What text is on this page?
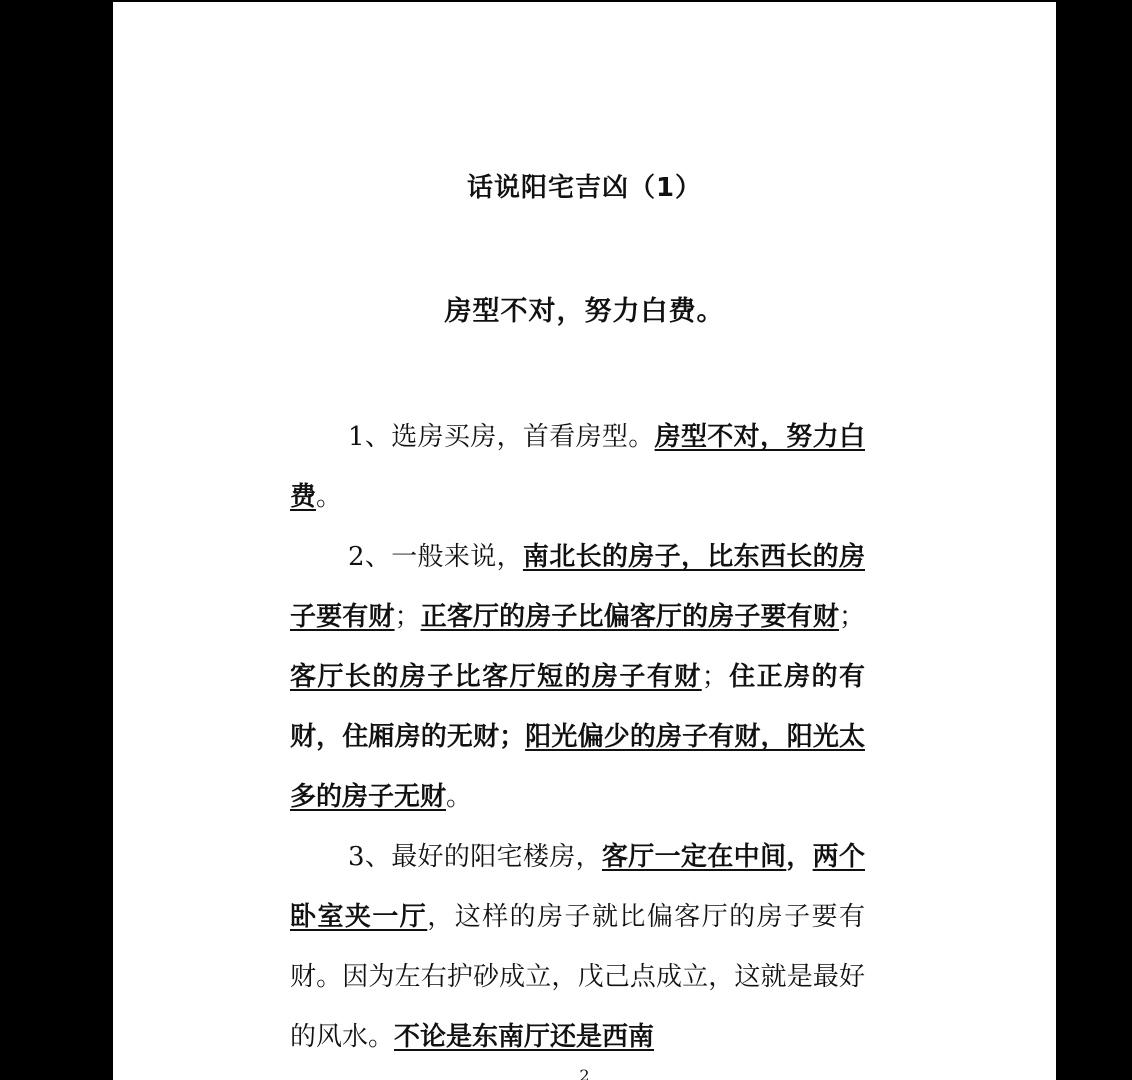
话说阳宅吉凶（1）
房型不对，努力白费。

1、选房买房，首看房型。房型不对，努力白费。

2、一般来说，南北长的房子，比东西长的房子要有财；正客厅的房子比偏客厅的房子要有财；客厅长的房子比客厅短的房子有财；住正房的有财，住厢房的无财；阳光偏少的房子有财，阳光太多的房子无财。

3、最好的阳宅楼房，客厅一定在中间，两个卧室夹一厅，这样的房子就比偏客厅的房子要有财。因为左右护砂成立，戊己点成立，这就是最好的风水。不论是东南厅还是西南

2
